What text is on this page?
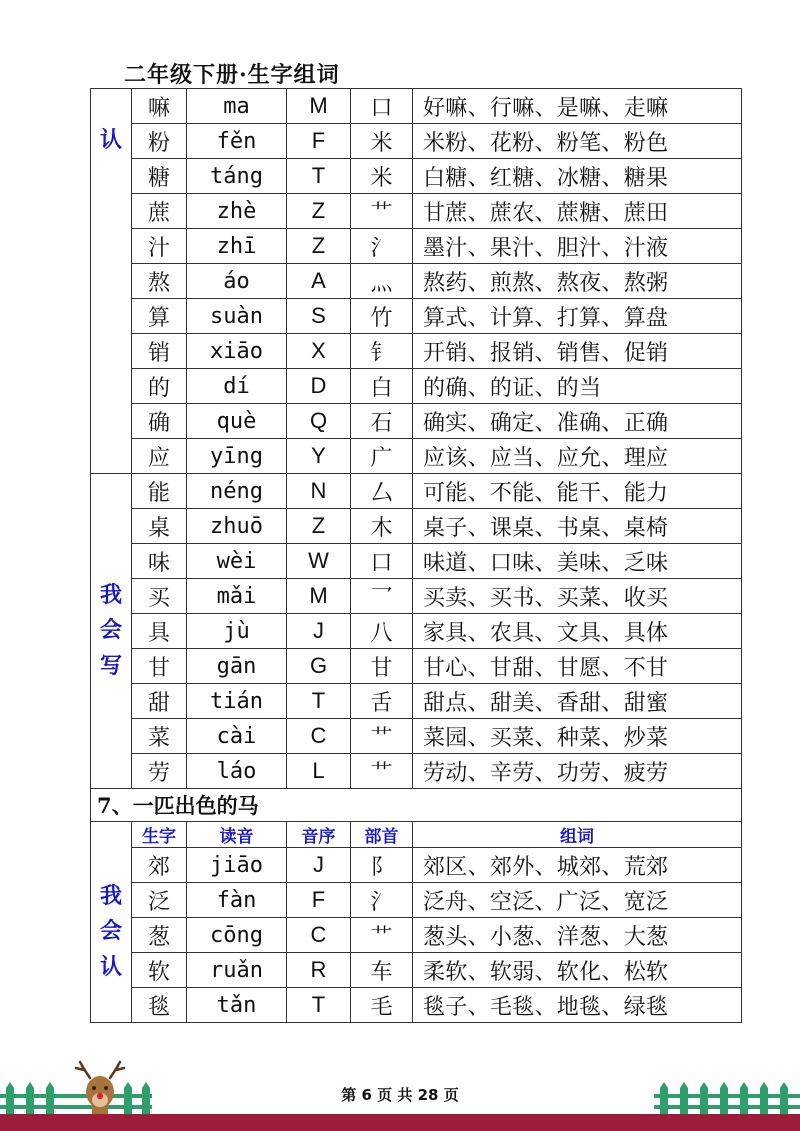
二年级下册·生字组词
认	嘛	ma	M	口	好嘛、行嘛、是嘛、走嘛
	粉	fěn	F	米	米粉、花粉、粉笔、粉色
	糖	táng	T	米	白糖、红糖、冰糖、糖果
	蔗	zhè	Z	艹	甘蔗、蔗农、蔗糖、蔗田
	汁	zhī	Z	氵	墨汁、果汁、胆汁、汁液
	熬	áo	A	灬	熬药、煎熬、熬夜、熬粥
	算	suàn	S	竹	算式、计算、打算、算盘
	销	xiāo	X	钅	开销、报销、销售、促销
	的	dí	D	白	的确、的证、的当
	确	què	Q	石	确实、确定、准确、正确
	应	yīng	Y	广	应该、应当、应允、理应
我会写	能	néng	N	厶	可能、不能、能干、能力
	桌	zhuō	Z	木	桌子、课桌、书桌、桌椅
	味	wèi	W	口	味道、口味、美味、乏味
	买	mǎi	M	乛	买卖、买书、买菜、收买
	具	jù	J	八	家具、农具、文具、具体
	甘	gān	G	甘	甘心、甘甜、甘愿、不甘
	甜	tián	T	舌	甜点、甜美、香甜、甜蜜
	菜	cài	C	艹	菜园、买菜、种菜、炒菜
	劳	láo	L	艹	劳动、辛劳、功劳、疲劳
7、一匹出色的马					
我会认	生字	读音	音序	部首	组词
	郊	jiāo	J	阝	郊区、郊外、城郊、荒郊
	泛	fàn	F	氵	泛舟、空泛、广泛、宽泛
	葱	cōng	C	艹	葱头、小葱、洋葱、大葱
	软	ruǎn	R	车	柔软、软弱、软化、松软
	毯	tǎn	T	毛	毯子、毛毯、地毯、绿毯
第 6 页 共 28 页
